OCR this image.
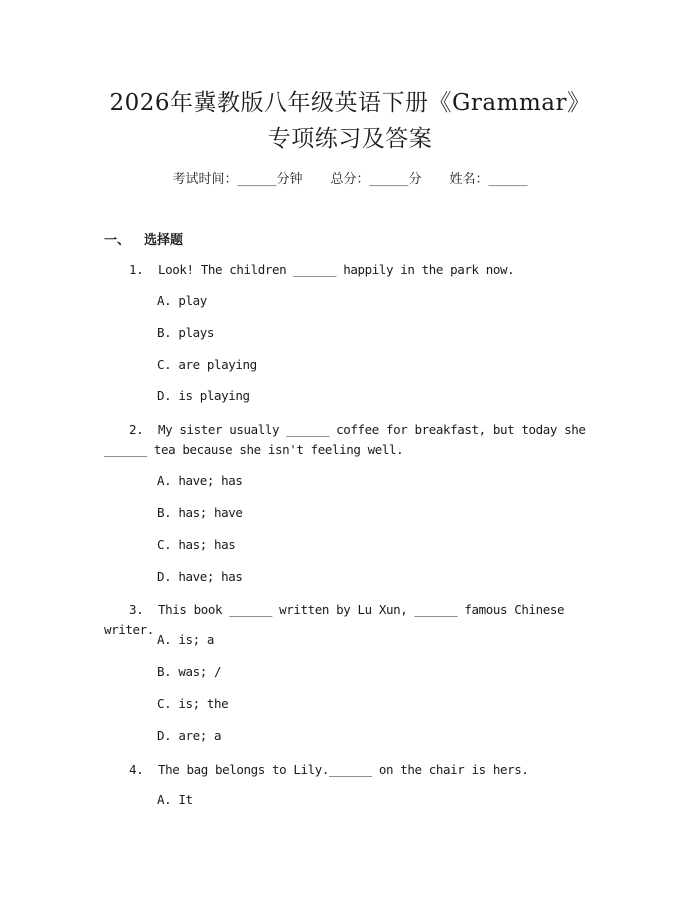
2026年冀教版八年级英语下册《Grammar》
专项练习及答案
考试时间：______分钟 总分：______分 姓名：______
一、 选择题
1. Look! The children ______ happily in the park now.
A. play
B. plays
C. are playing
D. is playing
2. My sister usually ______ coffee for breakfast, but today she ______ tea because she isn't feeling well.
A. have; has
B. has; have
C. has; has
D. have; has
3. This book ______ written by Lu Xun, ______ famous Chinese writer.
A. is; a
B. was; /
C. is; the
D. are; a
4. The bag belongs to Lily.______ on the chair is hers.
A. It
